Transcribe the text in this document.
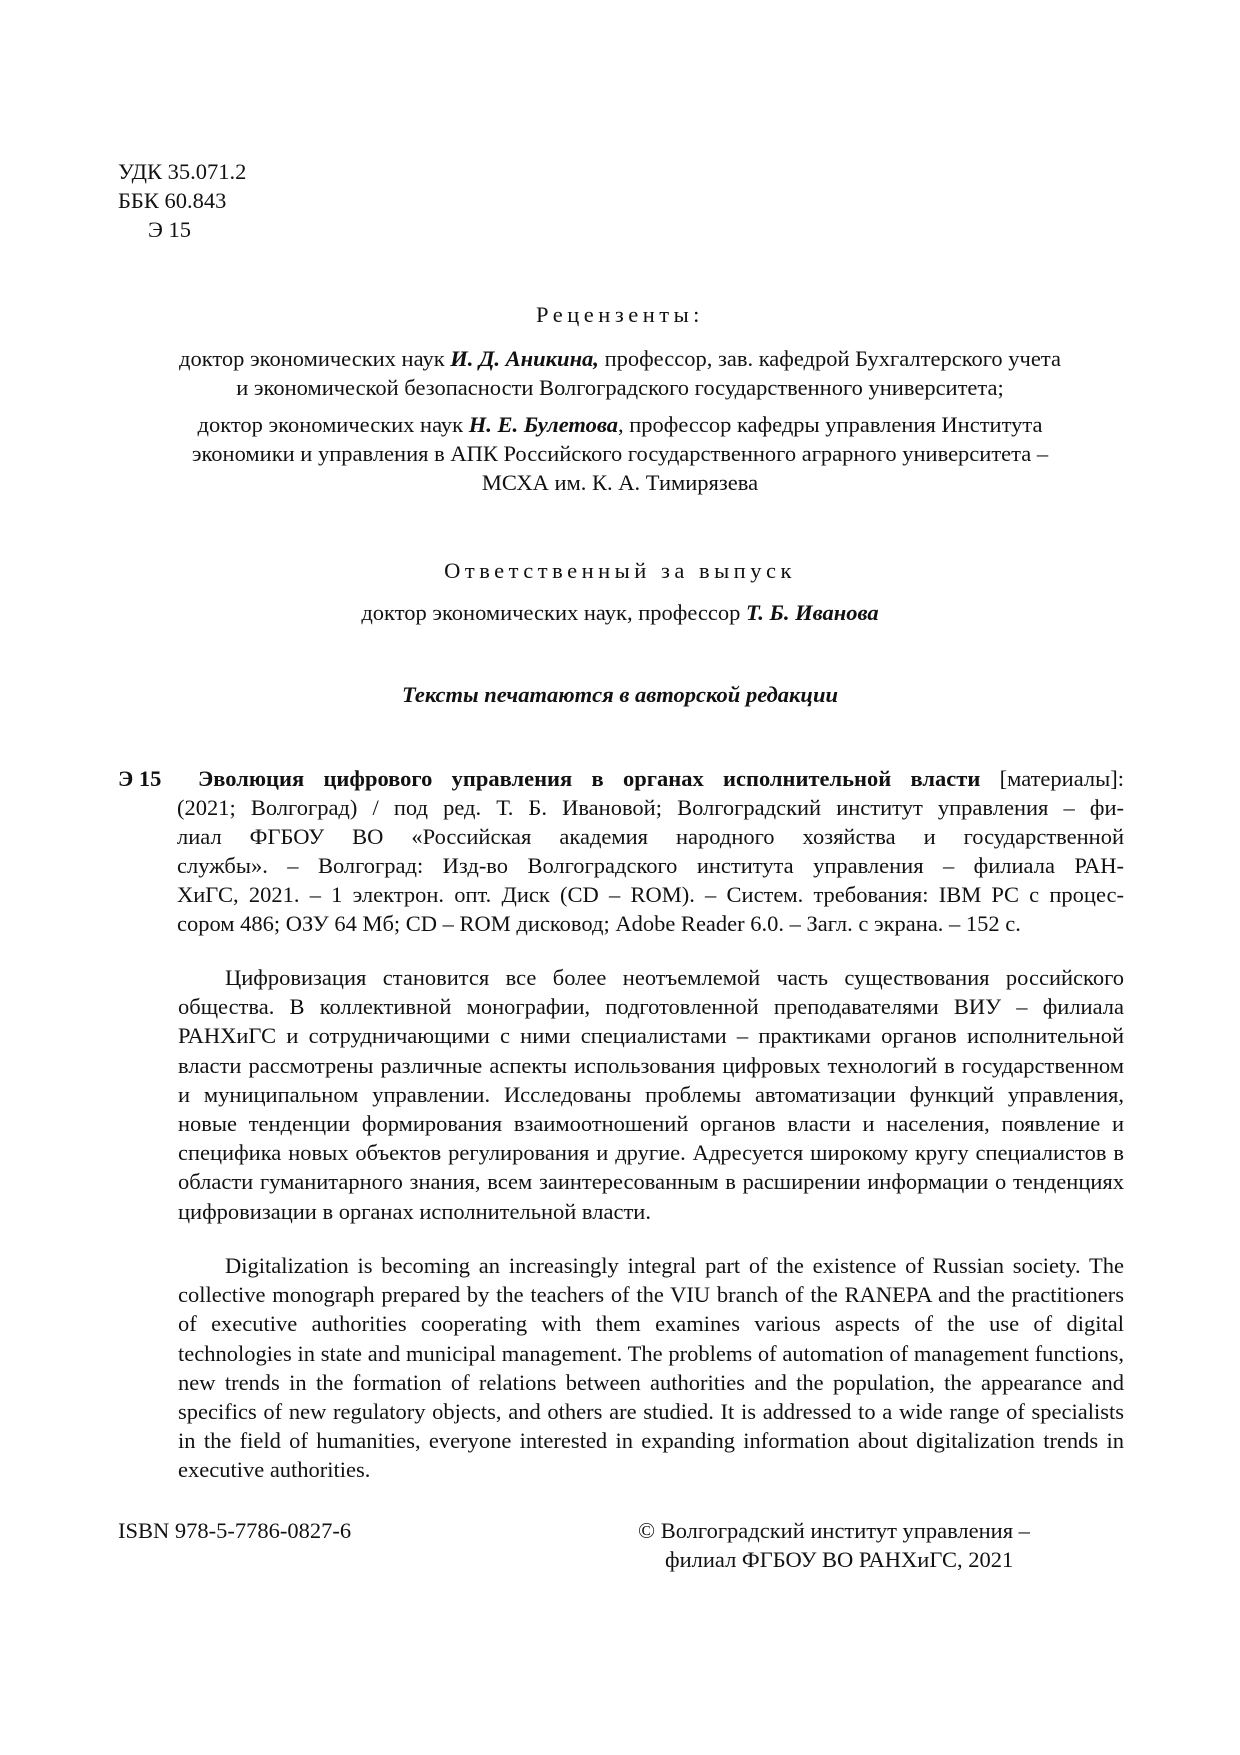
УДК 35.071.2
ББК 60.843
Э 15
Рецензенты:
доктор экономических наук И. Д. Аникина, профессор, зав. кафедрой Бухгалтерского учета
и экономической безопасности Волгоградского государственного университета;
доктор экономических наук Н. Е. Булетова, профессор кафедры управления Института
экономики и управления в АПК Российского государственного аграрного университета –
МСХА им. К. А. Тимирязева
Ответственный за выпуск
доктор экономических наук, профессор Т. Б. Иванова
Тексты печатаются в авторской редакции
Э 15	Эволюция цифрового управления в органах исполнительной власти [материалы]:
(2021; Волгоград) / под ред. Т. Б. Ивановой; Волгоградский институт управления – фи-
лиал ФГБОУ ВО «Российская академия народного хозяйства и государственной
службы». – Волгоград: Изд-во Волгоградского института управления – филиала РАН-
ХиГС, 2021. – 1 электрон. опт. Диск (CD – ROM). – Систем. требования: IBM PC с процес-
сором 486; ОЗУ 64 Мб; CD – ROM дисковод; Adobe Reader 6.0. – Загл. с экрана. – 152 с.
Цифровизация становится все более неотъемлемой часть существования российского общества. В коллективной монографии, подготовленной преподавателями ВИУ – филиала РАНХиГС и сотрудничающими с ними специалистами – практиками органов исполнительной власти рассмотрены различные аспекты использования цифровых технологий в государственном и муниципальном управлении. Исследованы проблемы автоматизации функций управления, новые тенденции формирования взаимоотношений органов власти и населения, появление и специфика новых объектов регулирования и другие. Адресуется широкому кругу специалистов в области гуманитарного знания, всем заинтересованным в расширении информации о тенденциях цифровизации в органах исполнительной власти.
Digitalization is becoming an increasingly integral part of the existence of Russian society. The collective monograph prepared by the teachers of the VIU branch of the RANEPA and the practitioners of executive authorities cooperating with them examines various aspects of the use of digital technologies in state and municipal management. The problems of automation of management functions, new trends in the formation of relations between authorities and the population, the appearance and specifics of new regulatory objects, and others are studied. It is addressed to a wide range of specialists in the field of humanities, everyone interested in expanding information about digitalization trends in executive authorities.
ISBN 978-5-7786-0827-6	© Волгоградский институт управления –
филиал ФГБОУ ВО РАНХиГС, 2021
